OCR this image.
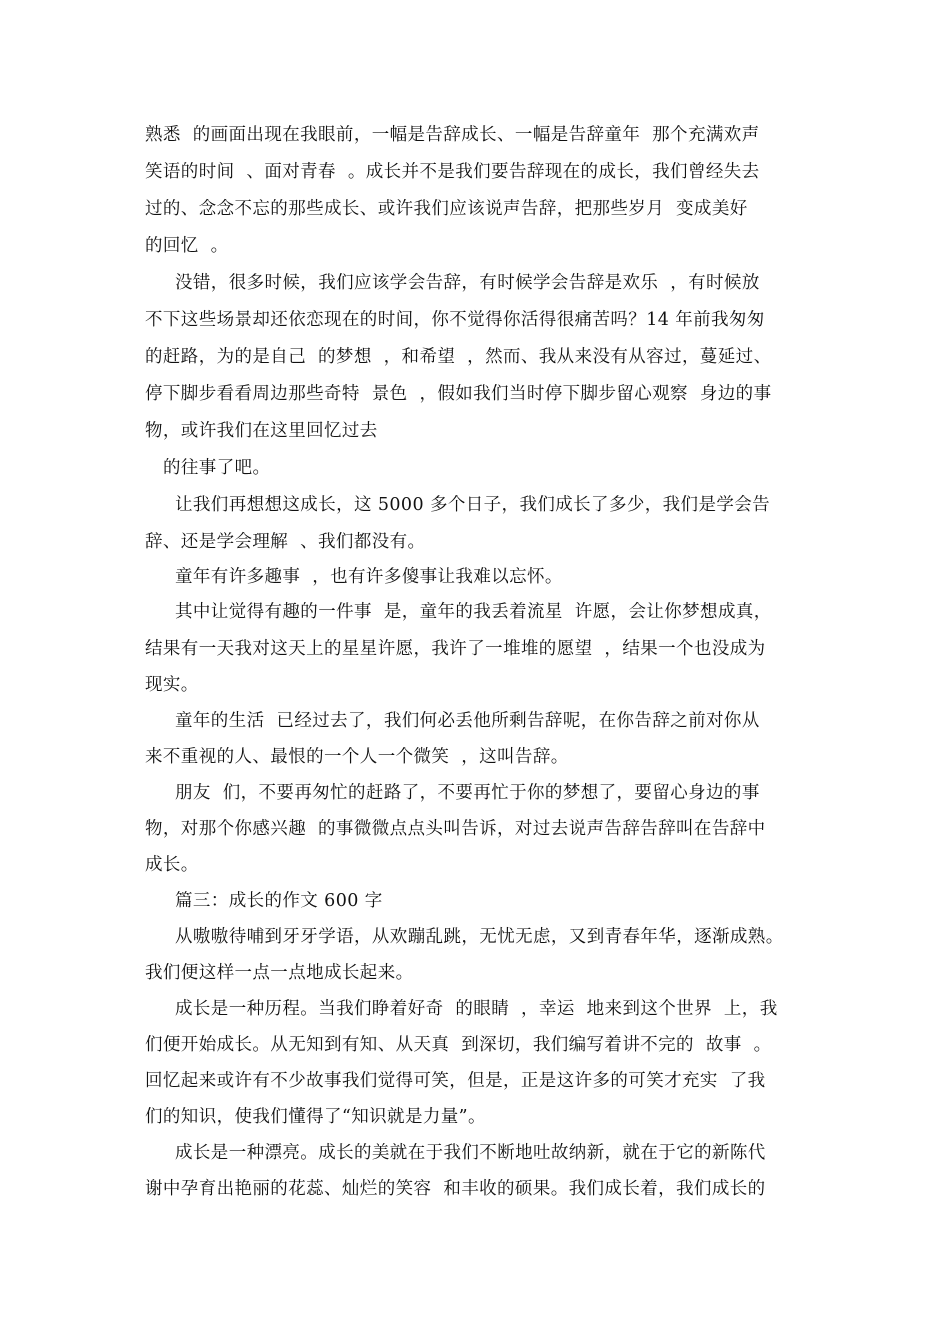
熟悉  的画面出现在我眼前，一幅是告辞成长、一幅是告辞童年  那个充满欢声
笑语的时间  、面对青春  。成长并不是我们要告辞现在的成长，我们曾经失去
过的、念念不忘的那些成长、或许我们应该说声告辞，把那些岁月  变成美好
的回忆  。
没错，很多时候，我们应该学会告辞，有时候学会告辞是欢乐  ，有时候放
不下这些场景却还依恋现在的时间，你不觉得你活得很痛苦吗？14 年前我匆匆
的赶路，为的是自己  的梦想  ，和希望  ，然而、我从来没有从容过，蔓延过、
停下脚步看看周边那些奇特  景色  ，假如我们当时停下脚步留心观察  身边的事
物，或许我们在这里回忆过去
的往事了吧。
让我们再想想这成长，这 5000 多个日子，我们成长了多少，我们是学会告
辞、还是学会理解  、我们都没有。
童年有许多趣事  ，也有许多傻事让我难以忘怀。
其中让觉得有趣的一件事  是，童年的我丢着流星  许愿，会让你梦想成真，
结果有一天我对这天上的星星许愿，我许了一堆堆的愿望  ，结果一个也没成为
现实。
童年的生活  已经过去了，我们何必丢他所剩告辞呢，在你告辞之前对你从
来不重视的人、最恨的一个人一个微笑  ，这叫告辞。
朋友  们，不要再匆忙的赶路了，不要再忙于你的梦想了，要留心身边的事
物，对那个你感兴趣  的事微微点点头叫告诉，对过去说声告辞告辞叫在告辞中
成长。
篇三：成长的作文 600 字
从嗷嗷待哺到牙牙学语，从欢蹦乱跳，无忧无虑，又到青春年华，逐渐成熟。
我们便这样一点一点地成长起来。
成长是一种历程。当我们睁着好奇  的眼睛  ，幸运  地来到这个世界  上，我
们便开始成长。从无知到有知、从天真  到深切，我们编写着讲不完的  故事  。
回忆起来或许有不少故事我们觉得可笑，但是，正是这许多的可笑才充实  了我
们的知识，使我们懂得了“知识就是力量”。
成长是一种漂亮。成长的美就在于我们不断地吐故纳新，就在于它的新陈代
谢中孕育出艳丽的花蕊、灿烂的笑容  和丰收的硕果。我们成长着，我们成长的
